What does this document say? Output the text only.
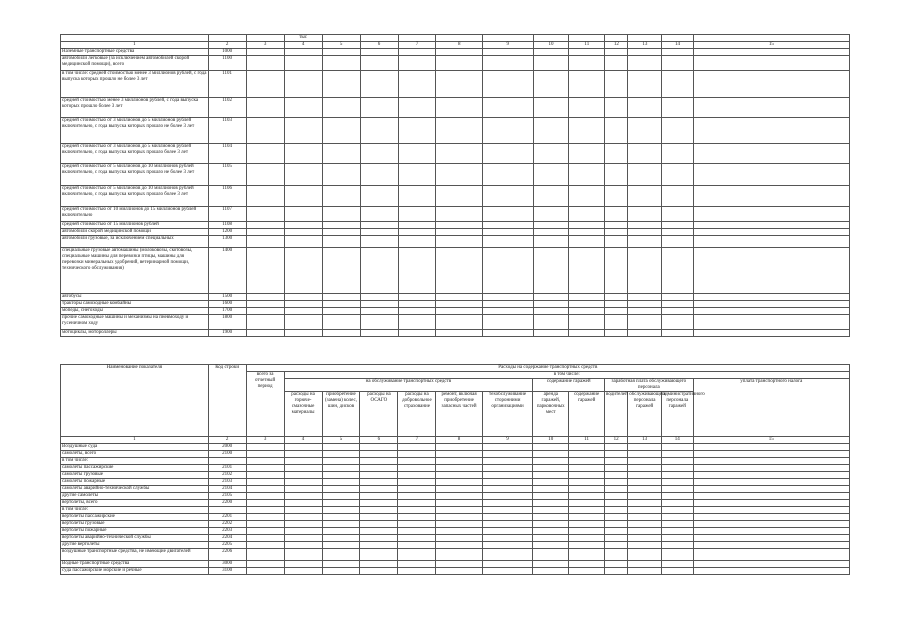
			тыс											
1	2	3	4	5	6	7	8	9	10	11	12	13	14	15
Наземные транспортные средства	1000													
автомобили легковые (за исключением автомобилей скорой медицинской помощи), всего	1100													
в том числе: средней стоимостью менее 3 миллионов рублей, с года выпуска которых прошло не более 3 лет	1101													
средней стоимостью менее 3 миллионов рублей, с года выпуска которых прошло более 3 лет	1102													
средней стоимостью от 3 миллионов до 5 миллионов рублей включительно, с года выпуска которых прошло не более 3 лет	1103													
средней стоимостью от 3 миллионов до 5 миллионов рублей включительно, с года выпуска которых прошло более 3 лет	1104													
средней стоимостью от 5 миллионов до 10 миллионов рублей включительно, с года выпуска которых прошло не более 3 лет	1105													
средней стоимостью от 5 миллионов до 10 миллионов рублей включительно, с года выпуска которых прошло более 3 лет	1106													
средней стоимостью от 10 миллионов до 15 миллионов рублей включительно	1107													
средней стоимостью от 15 миллионов рублей	1108													
автомобили скорой медицинской помощи	1200													
автомобили грузовые, за исключением специальных	1300													
специальные грузовые автомашины (молоковозы, скотовозы, специальные машины для перевозки птицы, машины для перевозки минеральных удобрений, ветеринарной помощи, технического обслуживания)	1400													
автобусы	1500													
тракторы самоходные комбайны	1600													
мопеды, снегоходы	1700													
прочие самоходные машины и механизмы на пневмоходу и гусеничном ходу	1800													
мотоциклы, мотороллеры	1900													
Наименование показателя	Код строки	Расходы на содержание транспортных средств												
		всего за отчетный период	в том числе:											
			на обслуживание транспортных средств						содержание гаражей		заработная плата обслуживающего персонала			уплата транспортного налога
			расходы на горюче-смазочные материалы	приобретение (замена) колес, шин, дисков	расходы на ОСАГО	расходы на добровольное страхование	ремонт, включая приобретение запасных частей	техобслуживание сторонними организациями	аренда гаражей, парковочных мест	содержание гаражей	водителей	обслуживающего персонала гаражей	административного персонала гаражей	
1	2	3	4	5	6	7	8	9	10	11	12	13	14	15
Воздушные суда	2000													
самолеты, всего	2100													
в том числе:														
самолеты пассажирские	2101													
самолеты грузовые	2102													
самолеты пожарные	2103													
самолеты аварийно-технической службы	2104													
другие самолеты	2105													
вертолеты, всего	2200													
в том числе:														
вертолеты пассажирские	2201													
вертолеты грузовые	2202													
вертолеты пожарные	2203													
вертолеты аварийно-технической службы	2204													
другие вертолеты	2205													
воздушные транспортные средства, не имеющие двигателей	2206													
Водные транспортные средства	3000													
суда пассажирские морские и речные	3100													
